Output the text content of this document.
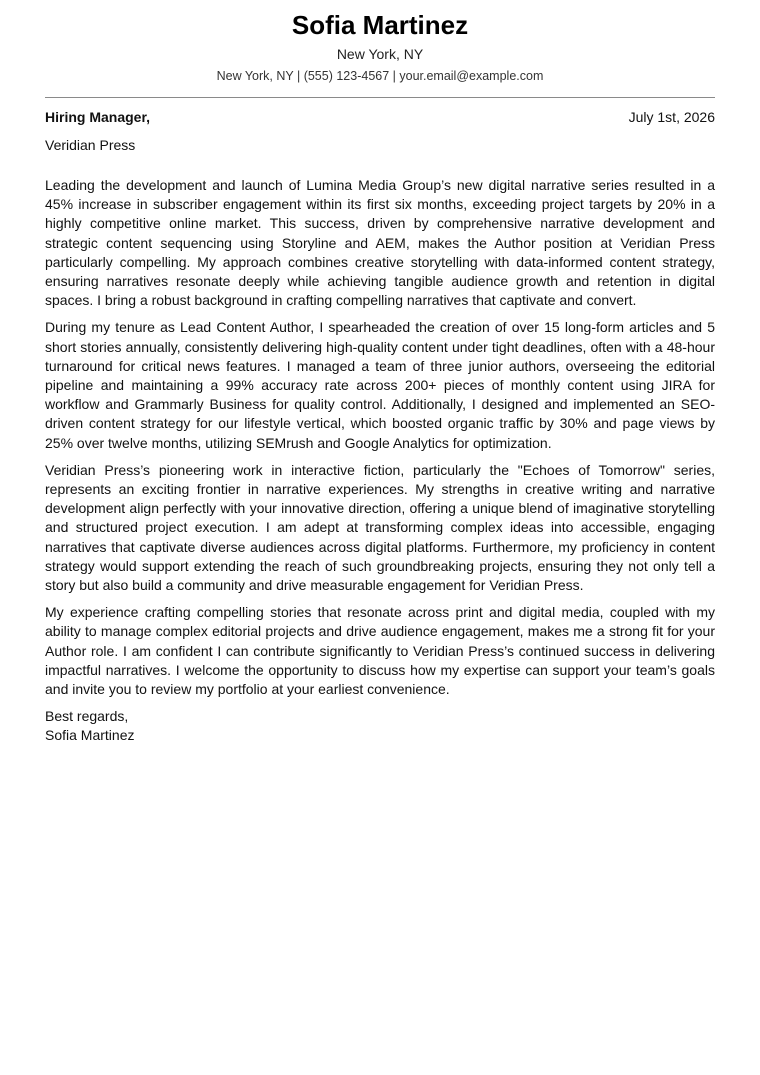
Sofia Martinez
New York, NY
New York, NY | (555) 123-4567 | your.email@example.com
Hiring Manager,	July 1st, 2026
Veridian Press

Leading the development and launch of Lumina Media Group’s new digital narrative series resulted in a 45% increase in subscriber engagement within its first six months, exceeding project targets by 20% in a highly competitive online market. This success, driven by comprehensive narrative development and strategic content sequencing using Storyline and AEM, makes the Author position at Veridian Press particularly compelling. My approach combines creative storytelling with data-informed content strategy, ensuring narratives resonate deeply while achieving tangible audience growth and retention in digital spaces. I bring a robust background in crafting compelling narratives that captivate and convert.

During my tenure as Lead Content Author, I spearheaded the creation of over 15 long-form articles and 5 short stories annually, consistently delivering high-quality content under tight deadlines, often with a 48-hour turnaround for critical news features. I managed a team of three junior authors, overseeing the editorial pipeline and maintaining a 99% accuracy rate across 200+ pieces of monthly content using JIRA for workflow and Grammarly Business for quality control. Additionally, I designed and implemented an SEO-driven content strategy for our lifestyle vertical, which boosted organic traffic by 30% and page views by 25% over twelve months, utilizing SEMrush and Google Analytics for optimization.

Veridian Press’s pioneering work in interactive fiction, particularly the "Echoes of Tomorrow" series, represents an exciting frontier in narrative experiences. My strengths in creative writing and narrative development align perfectly with your innovative direction, offering a unique blend of imaginative storytelling and structured project execution. I am adept at transforming complex ideas into accessible, engaging narratives that captivate diverse audiences across digital platforms. Furthermore, my proficiency in content strategy would support extending the reach of such groundbreaking projects, ensuring they not only tell a story but also build a community and drive measurable engagement for Veridian Press.

My experience crafting compelling stories that resonate across print and digital media, coupled with my ability to manage complex editorial projects and drive audience engagement, makes me a strong fit for your Author role. I am confident I can contribute significantly to Veridian Press’s continued success in delivering impactful narratives. I welcome the opportunity to discuss how my expertise can support your team’s goals and invite you to review my portfolio at your earliest convenience.

Best regards,
Sofia Martinez
